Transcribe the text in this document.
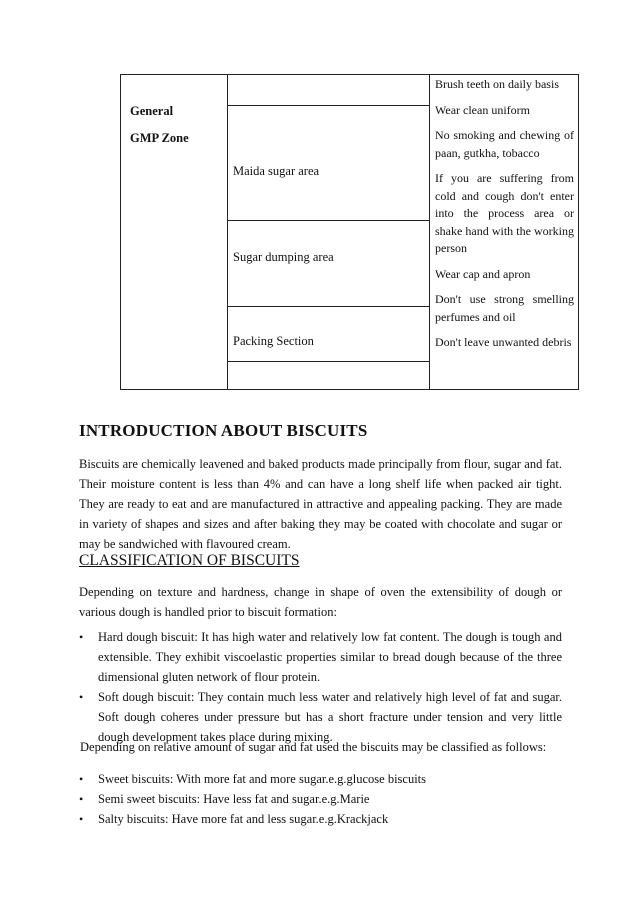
General
GMP Zone
Maida sugar area
Sugar dumping area
Packing Section

Brush teeth on daily basis

Wear clean uniform

No smoking and chewing of paan, gutkha, tobacco

If you are suffering from cold and cough don't enter into the process area or shake hand with the working person

Wear cap and apron

Don't use strong smelling perfumes and oil

Don't leave unwanted debris

INTRODUCTION ABOUT BISCUITS

Biscuits are chemically leavened and baked products made principally from flour, sugar and fat. Their moisture content is less than 4% and can have a long shelf life when packed air tight. They are ready to eat and are manufactured in attractive and appealing packing. They are made in variety of shapes and sizes and after baking they may be coated with chocolate and sugar or may be sandwiched with flavoured cream.

CLASSIFICATION OF BISCUITS

Depending on texture and hardness, change in shape of oven the extensibility of dough or various dough is handled prior to biscuit formation:

• Hard dough biscuit: It has high water and relatively low fat content. The dough is tough and extensible. They exhibit viscoelastic properties similar to bread dough because of the three dimensional gluten network of flour protein.
• Soft dough biscuit: They contain much less water and relatively high level of fat and sugar. Soft dough coheres under pressure but has a short fracture under tension and very little dough development takes place during mixing.

Depending on relative amount of sugar and fat used the biscuits may be classified as follows:

• Sweet biscuits: With more fat and more sugar.e.g.glucose biscuits
• Semi sweet biscuits: Have less fat and sugar.e.g.Marie
• Salty biscuits: Have more fat and less sugar.e.g.Krackjack
